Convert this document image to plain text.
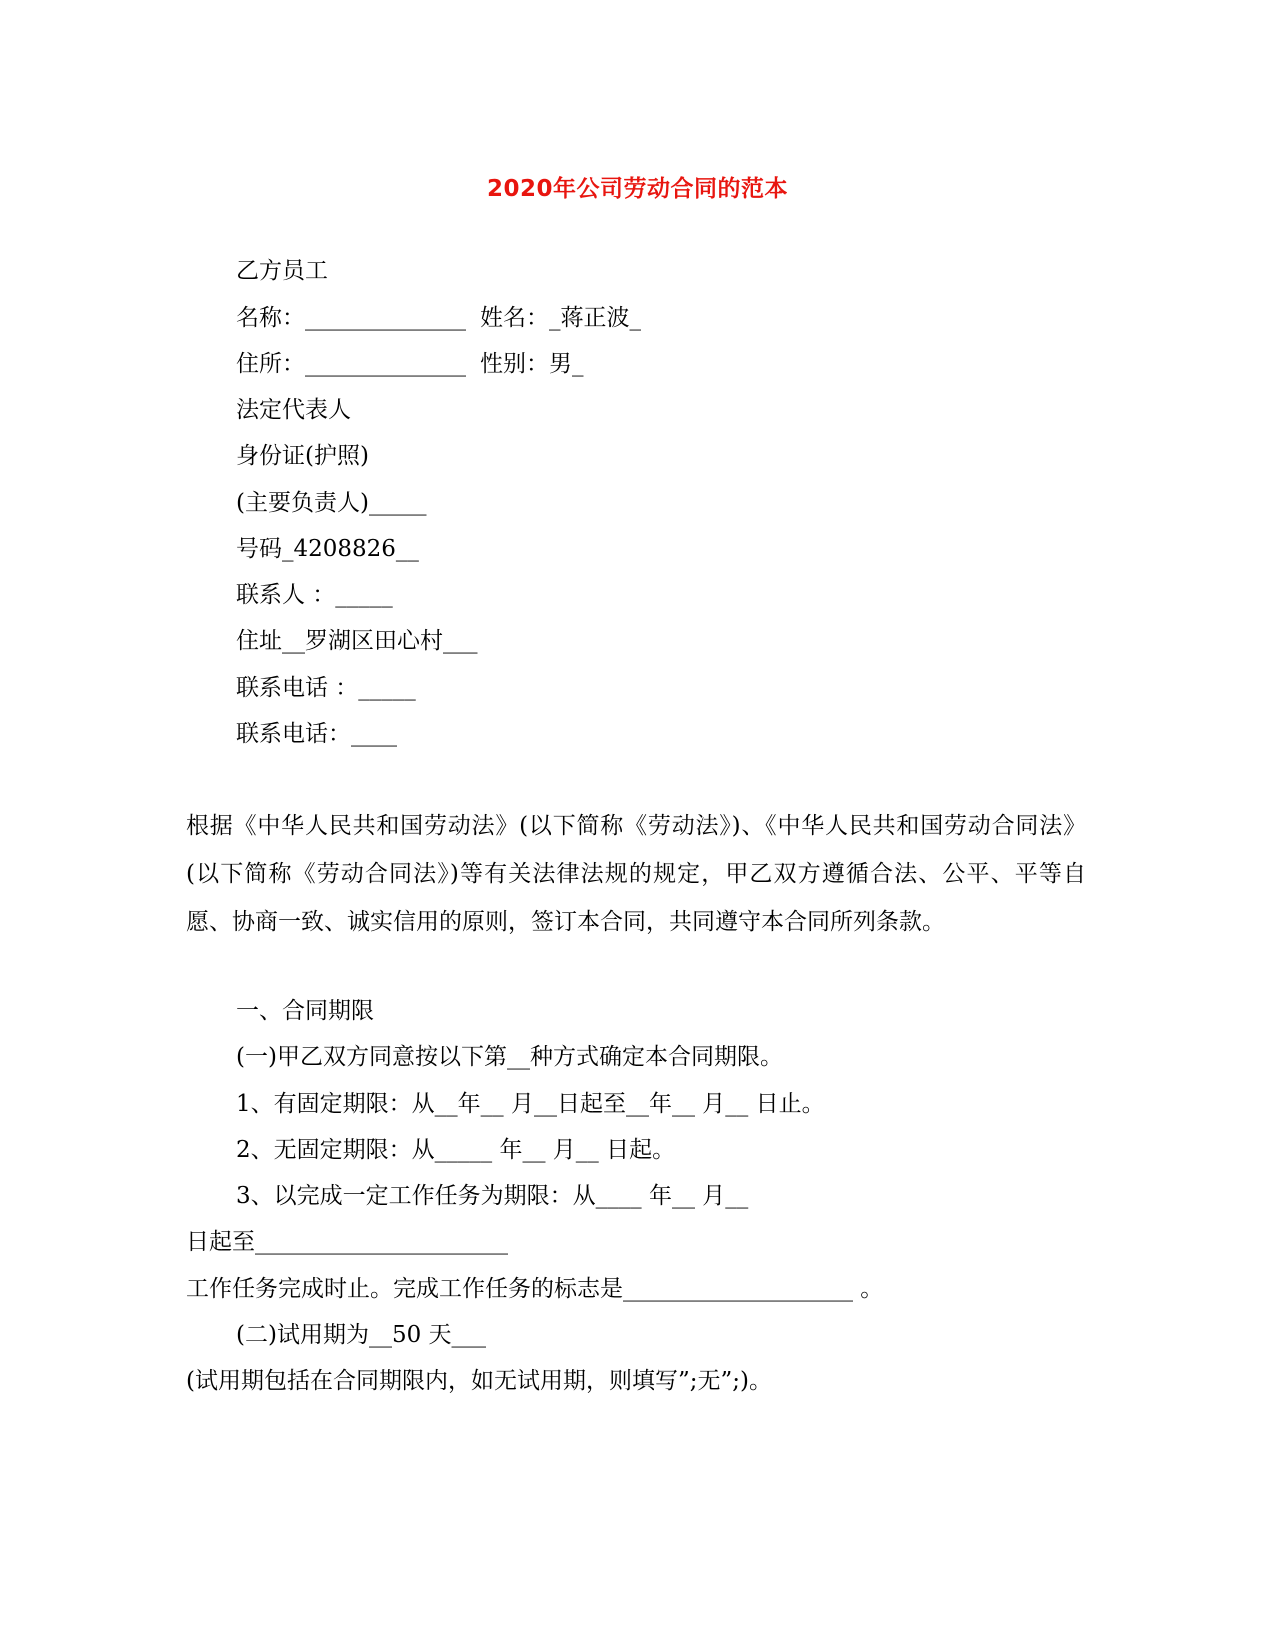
2020年公司劳动合同的范本
乙方员工
名称：______________ 姓名：_蒋正波_
住所：______________ 性别：男_
法定代表人
身份证(护照)
(主要负责人)_____
号码_4208826__
联系人 ：_____
住址__罗湖区田心村___
联系电话 ：_____
联系电话：____
根据《中华人民共和国劳动法》(以下简称《劳动法》)、《中华人民共和国劳动合同法》(以下简称《劳动合同法》)等有关法律法规的规定，甲乙双方遵循合法、公平、平等自愿、协商一致、诚实信用的原则，签订本合同，共同遵守本合同所列条款。
一、合同期限
(一)甲乙双方同意按以下第__种方式确定本合同期限。
1、有固定期限：从__年__ 月__日起至__年__ 月__ 日止。
2、无固定期限：从_____ 年__ 月__ 日起。
3、以完成一定工作任务为期限：从____ 年__ 月__
日起至______________________
工作任务完成时止。完成工作任务的标志是____________________ 。
(二)试用期为__50 天___
(试用期包括在合同期限内，如无试用期，则填写”;无”;)。
